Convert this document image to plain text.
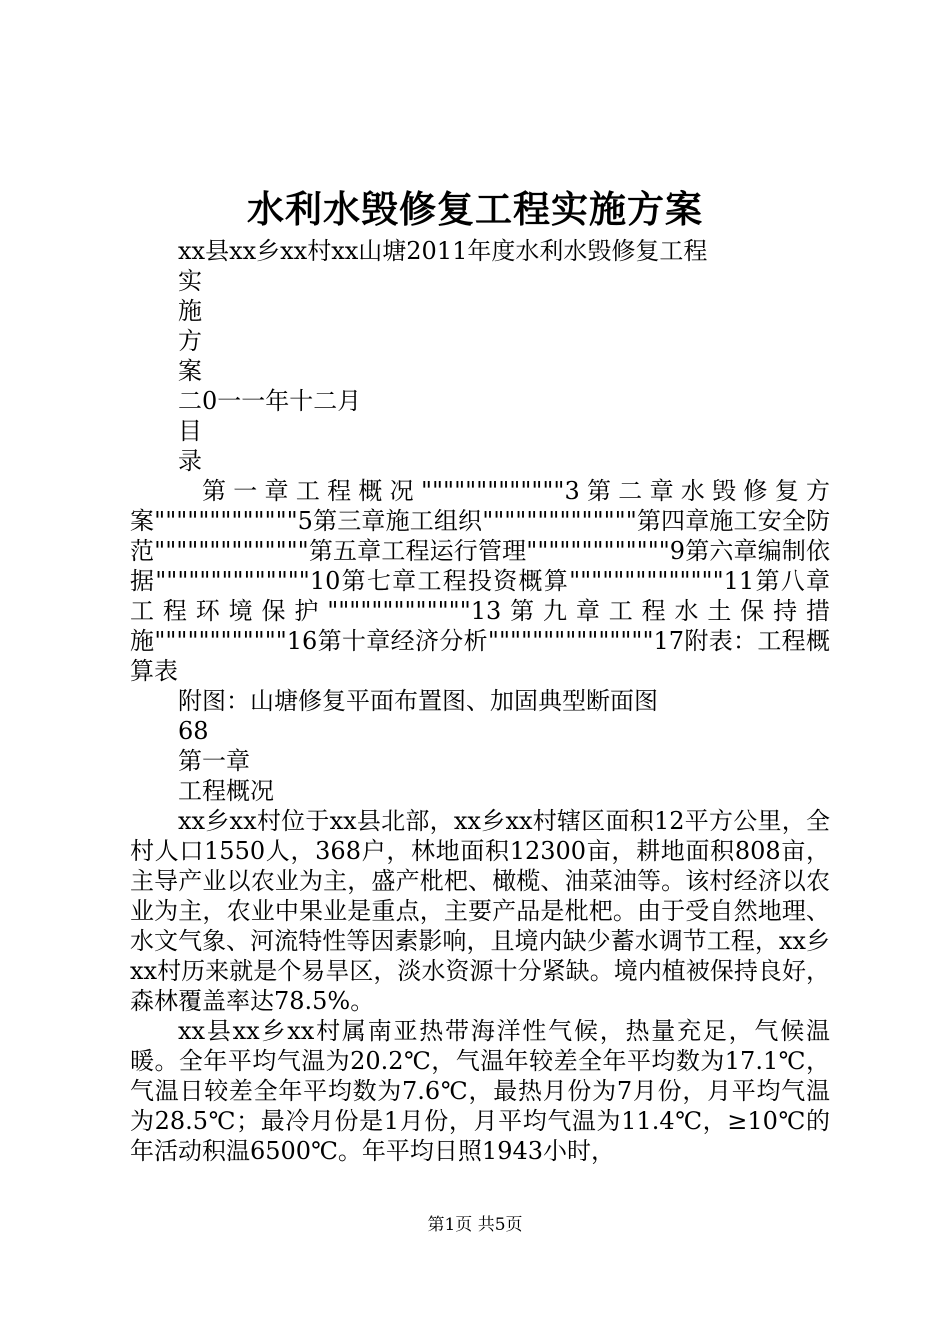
水利水毁修复工程实施方案

xx县xx乡xx村xx山塘2011年度水利水毁修复工程

实

施

方

案

二0一一年十二月

目

录

第一章工程概况"""""""""""""3第二章水毁修复方案"""""""""""""5第三章施工组织""""""""""""""第四章施工安全防范""""""""""""""第五章工程运行管理"""""""""""""9第六章编制依据""""""""""""""10第七章工程投资概算""""""""""""""11第八章工程环境保护"""""""""""""13第九章工程水土保持措施""""""""""""16第十章经济分析"""""""""""""""17附表：工程概算表

附图：山塘修复平面布置图、加固典型断面图

68

第一章

工程概况

xx乡xx村位于xx县北部，xx乡xx村辖区面积12平方公里，全村人口1550人，368户，林地面积12300亩，耕地面积808亩，主导产业以农业为主，盛产枇杷、橄榄、油菜油等。该村经济以农业为主，农业中果业是重点，主要产品是枇杷。由于受自然地理、水文气象、河流特性等因素影响，且境内缺少蓄水调节工程，xx乡xx村历来就是个易旱区，淡水资源十分紧缺。境内植被保持良好，森林覆盖率达78.5%。

xx县xx乡xx村属南亚热带海洋性气候，热量充足，气候温暖。全年平均气温为20.2℃，气温年较差全年平均数为17.1℃，气温日较差全年平均数为7.6℃，最热月份为7月份，月平均气温为28.5℃；最冷月份是1月份，月平均气温为11.4℃，≥10℃的年活动积温6500℃。年平均日照1943小时，

第1页 共5页
